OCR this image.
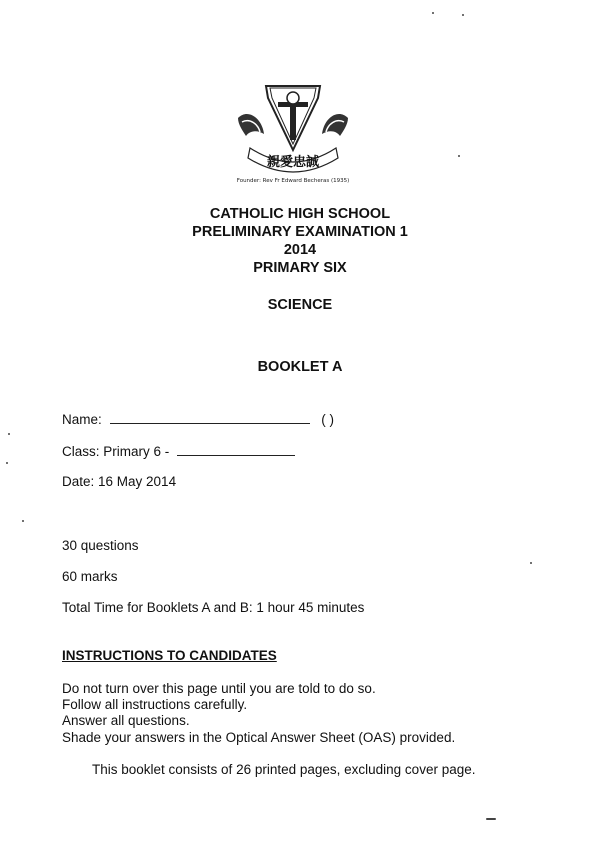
親愛忠誠
Founder: Rev Fr Edward Becheras (1935)
CATHOLIC HIGH SCHOOL
PRELIMINARY EXAMINATION 1
2014
PRIMARY SIX
SCIENCE
BOOKLET A
Name:	( )
Class: Primary 6 -
Date: 16 May 2014
30 questions
60 marks
Total Time for Booklets A and B: 1 hour 45 minutes
INSTRUCTIONS TO CANDIDATES
Do not turn over this page until you are told to do so.
Follow all instructions carefully.
Answer all questions.
Shade your answers in the Optical Answer Sheet (OAS) provided.
This booklet consists of 26 printed pages, excluding cover page.
